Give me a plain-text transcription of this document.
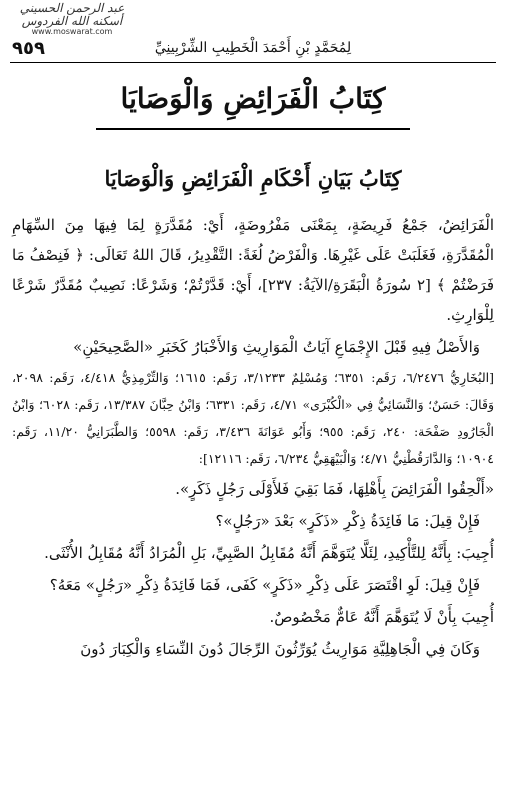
عبد الرحمن الحسيني
أسكنه الله الفردوس
www.moswarat.com
لِمُحَمَّدٍ بْنِ أَحْمَدَ الْخَطِيبِ الشِّرْبِينِيِّ
٩٥٩
كِتَابُ الْفَرَائِضِ وَالْوَصَايَا
كِتَابُ بَيَانِ أَحْكَامِ الْفَرَائِضِ وَالْوَصَايَا

الْفَرَائِضُ، جَمْعُ فَرِيضَةٍ، بِمَعْنَى مَفْرُوضَةٍ، أَيْ: مُقَدَّرَةٍ لِمَا فِيهَا مِنَ السِّهَامِ الْمُقَدَّرَةِ، فَغَلَبَتْ عَلَى غَيْرِهَا. وَالْفَرْضُ لُغَةً: التَّقْدِيرُ، قَالَ اللهُ تَعَالَى: ﴿ فَنِصْفُ مَا فَرَضْتُمْ ﴾ [٢ سُورَةُ الْبَقَرَةِ/الآيَةُ: ٢٣٧]، أَيْ: قَدَّرْتُمْ؛ وَشَرْعًا: نَصِيبٌ مُقَدَّرٌ شَرْعًا لِلْوَارِثِ.

وَالأَصْلُ فِيهِ قَبْلَ الإِجْمَاعِ آيَاتُ الْمَوَارِيثِ وَالأَخْبَارُ كَخَبَرِ «الصَّحِيحَيْنِ»

[البُخَارِيُّ ٦/٢٤٧٦، رَقَم: ٦٣٥١؛ وَمُسْلِمٌ ٣/١٢٣٣، رَقَم: ١٦١٥؛ وَالتِّرْمِذِيُّ ٤/٤١٨، رَقَم: ٢٠٩٨، وَقَالَ: حَسَنٌ؛ وَالنَّسَائِيُّ فِي «الْكُبْرَى» ٤/٧١، رَقَم: ٦٣٣١؛ وَابْنُ حِبَّانَ ١٣/٣٨٧، رَقَم: ٦٠٢٨؛ وَابْنُ الْجَارُودِ صَفْحَة: ٢٤٠، رَقَم: ٩٥٥؛ وَأَبُو عَوَانَةَ ٣/٤٣٦، رَقَم: ٥٥٩٨؛ وَالطَّبَرَانِيُّ ١١/٢٠، رَقَم: ١٠٩٠٤؛ وَالدَّارَقُطْنِيُّ ٤/٧١؛ وَالْبَيْهَقِيُّ ٦/٢٣٤، رَقَم: ١٢١١٦]:

«أَلْحِقُوا الْفَرَائِضَ بِأَهْلِهَا، فَمَا بَقِيَ فَلأَوْلَى رَجُلٍ ذَكَرٍ».

فَإِنْ قِيلَ: مَا فَائِدَةُ ذِكْرِ «ذَكَرٍ» بَعْدَ «رَجُلٍ»؟

أُجِيبَ: بِأَنَّهُ لِلتَّأْكِيدِ، لِئَلَّا يُتَوَهَّمَ أَنَّهُ مُقَابِلُ الصَّبِيِّ، بَلِ الْمُرَادُ أَنَّهُ مُقَابِلُ الأُنْثَى.

فَإِنْ قِيلَ: لَوِ اقْتَصَرَ عَلَى ذِكْرِ «ذَكَرٍ» كَفَى، فَمَا فَائِدَةُ ذِكْرِ «رَجُلٍ» مَعَهُ؟

أُجِيبَ بِأَنْ لَا يُتَوَهَّمَ أَنَّهُ عَامٌّ مَخْصُوصٌ.

وَكَانَ فِي الْجَاهِلِيَّةِ مَوَارِيثُ يُوَرِّثُونَ الرِّجَالَ دُونَ النِّسَاءِ وَالْكِبَارَ دُونَ
